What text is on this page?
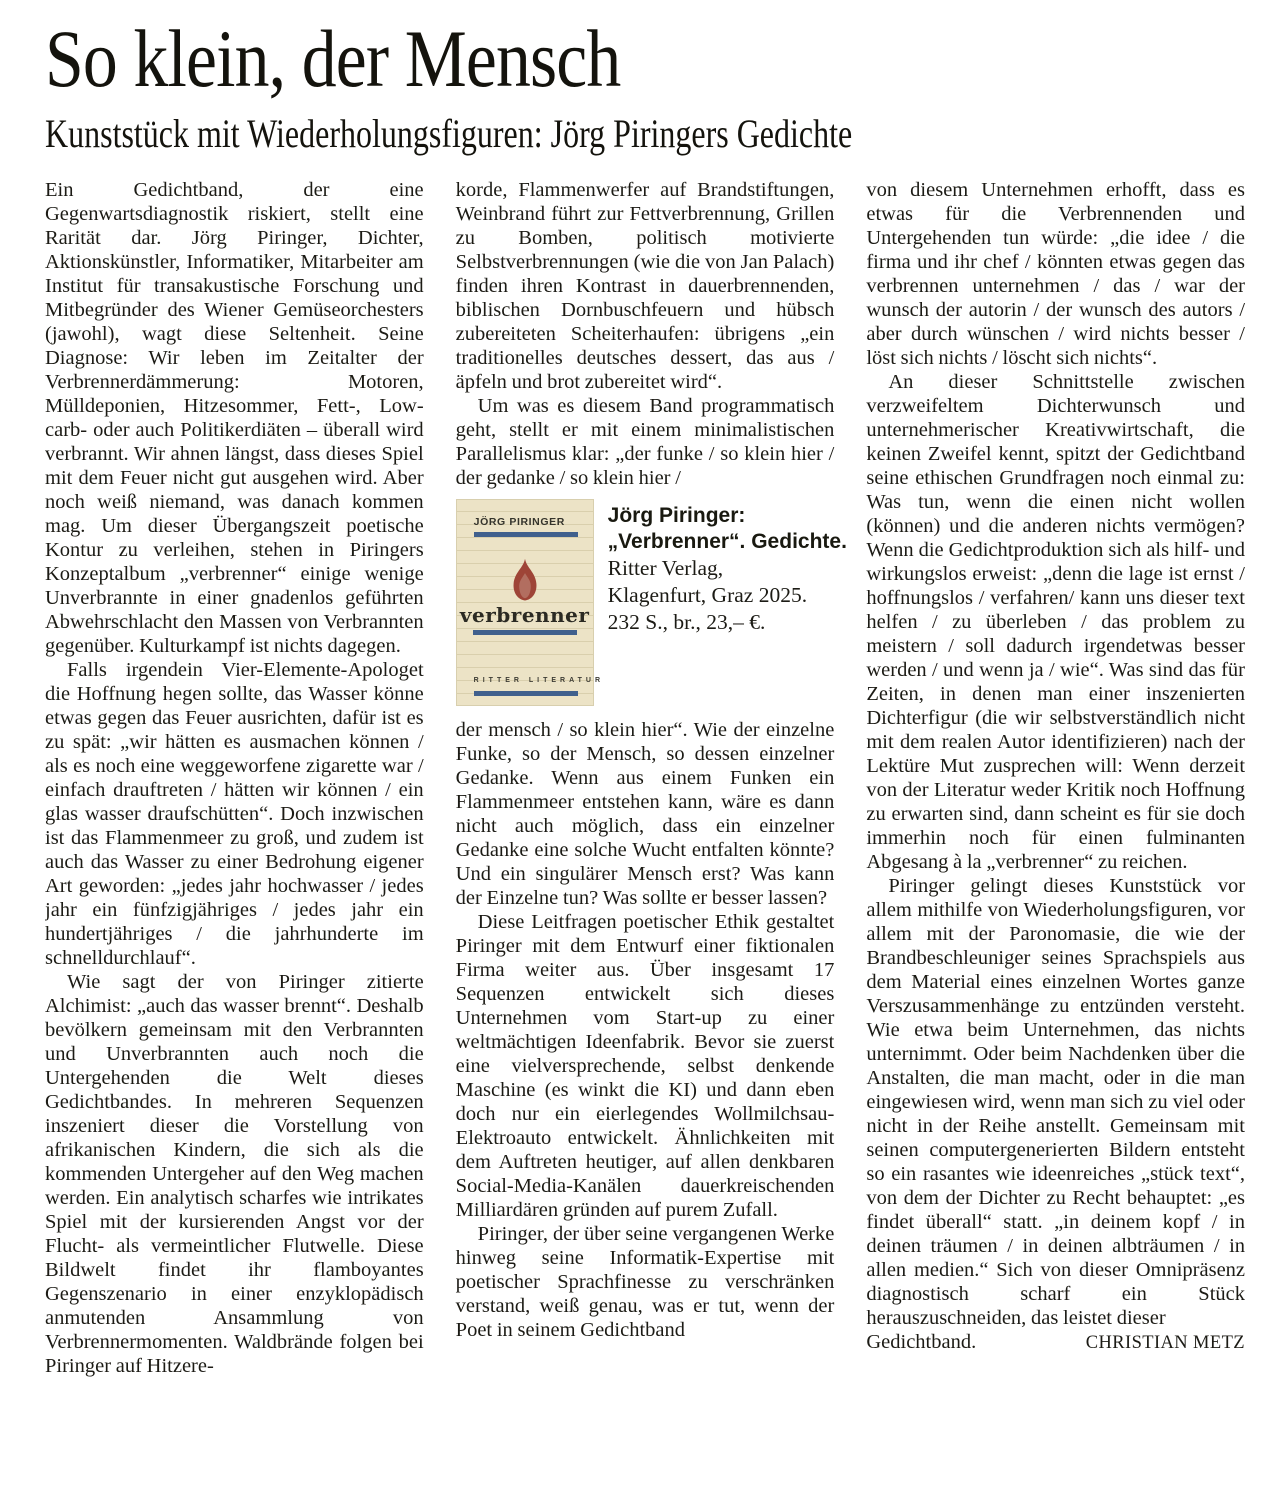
So klein, der Mensch
Kunststück mit Wiederholungsfiguren: Jörg Piringers Gedichte

Ein Gedichtband, der eine Gegenwartsdiagnostik riskiert, stellt eine Rarität dar. Jörg Piringer, Dichter, Aktionskünstler, Informatiker, Mitarbeiter am Institut für transakustische Forschung und Mitbegründer des Wiener Gemüseorchesters (jawohl), wagt diese Seltenheit. Seine Diagnose: Wir leben im Zeitalter der Verbrennerdämmerung: Motoren, Mülldeponien, Hitzesommer, Fett-, Low-carb- oder auch Politikerdiäten – überall wird verbrannt. Wir ahnen längst, dass dieses Spiel mit dem Feuer nicht gut ausgehen wird. Aber noch weiß niemand, was danach kommen mag. Um dieser Übergangszeit poetische Kontur zu verleihen, stehen in Piringers Konzeptalbum „verbrenner“ einige wenige Unverbrannte in einer gnadenlos geführten Abwehrschlacht den Massen von Verbrannten gegenüber. Kulturkampf ist nichts dagegen.

Falls irgendein Vier-Elemente-Apologet die Hoffnung hegen sollte, das Wasser könne etwas gegen das Feuer ausrichten, dafür ist es zu spät: „wir hätten es ausmachen können / als es noch eine weggeworfene zigarette war / einfach drauftreten / hätten wir können / ein glas wasser draufschütten“. Doch inzwischen ist das Flammenmeer zu groß, und zudem ist auch das Wasser zu einer Bedrohung eigener Art geworden: „jedes jahr hochwasser / jedes jahr ein fünfzigjähriges / jedes jahr ein hundertjähriges / die jahrhunderte im schnelldurchlauf“.

Wie sagt der von Piringer zitierte Alchimist: „auch das wasser brennt“. Deshalb bevölkern gemeinsam mit den Verbrannten und Unverbrannten auch noch die Untergehenden die Welt dieses Gedichtbandes. In mehreren Sequenzen inszeniert dieser die Vorstellung von afrikanischen Kindern, die sich als die kommenden Untergeher auf den Weg machen werden. Ein analytisch scharfes wie intrikates Spiel mit der kursierenden Angst vor der Flucht- als vermeintlicher Flutwelle. Diese Bildwelt findet ihr flamboyantes Gegenszenario in einer enzyklopädisch anmutenden Ansammlung von Verbrennermomenten. Waldbrände folgen bei Piringer auf Hitzere-

korde, Flammenwerfer auf Brandstiftungen, Weinbrand führt zur Fettverbrennung, Grillen zu Bomben, politisch motivierte Selbstverbrennungen (wie die von Jan Palach) finden ihren Kontrast in dauerbrennenden, biblischen Dornbuschfeuern und hübsch zubereiteten Scheiterhaufen: übrigens „ein traditionelles deutsches dessert, das aus / äpfeln und brot zubereitet wird“.

Um was es diesem Band programmatisch geht, stellt er mit einem minimalistischen Parallelismus klar: „der funke / so klein hier / der gedanke / so klein hier /

JÖRG PIRINGER
verbrenner
RITTER LITERATUR
Jörg Piringer:
„Verbrenner“. Gedichte.
Ritter Verlag,
Klagenfurt, Graz 2025.
232 S., br., 23,– €.

der mensch / so klein hier“. Wie der einzelne Funke, so der Mensch, so dessen einzelner Gedanke. Wenn aus einem Funken ein Flammenmeer entstehen kann, wäre es dann nicht auch möglich, dass ein einzelner Gedanke eine solche Wucht entfalten könnte? Und ein singulärer Mensch erst? Was kann der Einzelne tun? Was sollte er besser lassen?

Diese Leitfragen poetischer Ethik gestaltet Piringer mit dem Entwurf einer fiktionalen Firma weiter aus. Über insgesamt 17 Sequenzen entwickelt sich dieses Unternehmen vom Start-up zu einer weltmächtigen Ideenfabrik. Bevor sie zuerst eine vielversprechende, selbst denkende Maschine (es winkt die KI) und dann eben doch nur ein eierlegendes Wollmilchsau-Elektroauto entwickelt. Ähnlichkeiten mit dem Auftreten heutiger, auf allen denkbaren Social-Media-Kanälen dauerkreischenden Milliardären gründen auf purem Zufall.

Piringer, der über seine vergangenen Werke hinweg seine Informatik-Expertise mit poetischer Sprachfinesse zu verschränken verstand, weiß genau, was er tut, wenn der Poet in seinem Gedichtband

von diesem Unternehmen erhofft, dass es etwas für die Verbrennenden und Untergehenden tun würde: „die idee / die firma und ihr chef / könnten etwas gegen das verbrennen unternehmen / das / war der wunsch der autorin / der wunsch des autors / aber durch wünschen / wird nichts besser / löst sich nichts / löscht sich nichts“.

An dieser Schnittstelle zwischen verzweifeltem Dichterwunsch und unternehmerischer Kreativwirtschaft, die keinen Zweifel kennt, spitzt der Gedichtband seine ethischen Grundfragen noch einmal zu: Was tun, wenn die einen nicht wollen (können) und die anderen nichts vermögen? Wenn die Gedichtproduktion sich als hilf- und wirkungslos erweist: „denn die lage ist ernst / hoffnungslos / verfahren/ kann uns dieser text helfen / zu überleben / das problem zu meistern / soll dadurch irgendetwas besser werden / und wenn ja / wie“. Was sind das für Zeiten, in denen man einer inszenierten Dichterfigur (die wir selbstverständlich nicht mit dem realen Autor identifizieren) nach der Lektüre Mut zusprechen will: Wenn derzeit von der Literatur weder Kritik noch Hoffnung zu erwarten sind, dann scheint es für sie doch immerhin noch für einen fulminanten Abgesang à la „verbrenner“ zu reichen.

Piringer gelingt dieses Kunststück vor allem mithilfe von Wiederholungsfiguren, vor allem mit der Paronomasie, die wie der Brandbeschleuniger seines Sprachspiels aus dem Material eines einzelnen Wortes ganze Verszusammenhänge zu entzünden versteht. Wie etwa beim Unternehmen, das nichts unternimmt. Oder beim Nachdenken über die Anstalten, die man macht, oder in die man eingewiesen wird, wenn man sich zu viel oder nicht in der Reihe anstellt. Gemeinsam mit seinen computergenerierten Bildern entsteht so ein rasantes wie ideenreiches „stück text“, von dem der Dichter zu Recht behauptet: „es findet überall“ statt. „in deinem kopf / in deinen träumen / in deinen albträumen / in allen medien.“ Sich von dieser Omnipräsenz diagnostisch scharf ein Stück herauszuschneiden, das leistet dieser

Gedichtband.	CHRISTIAN METZ
